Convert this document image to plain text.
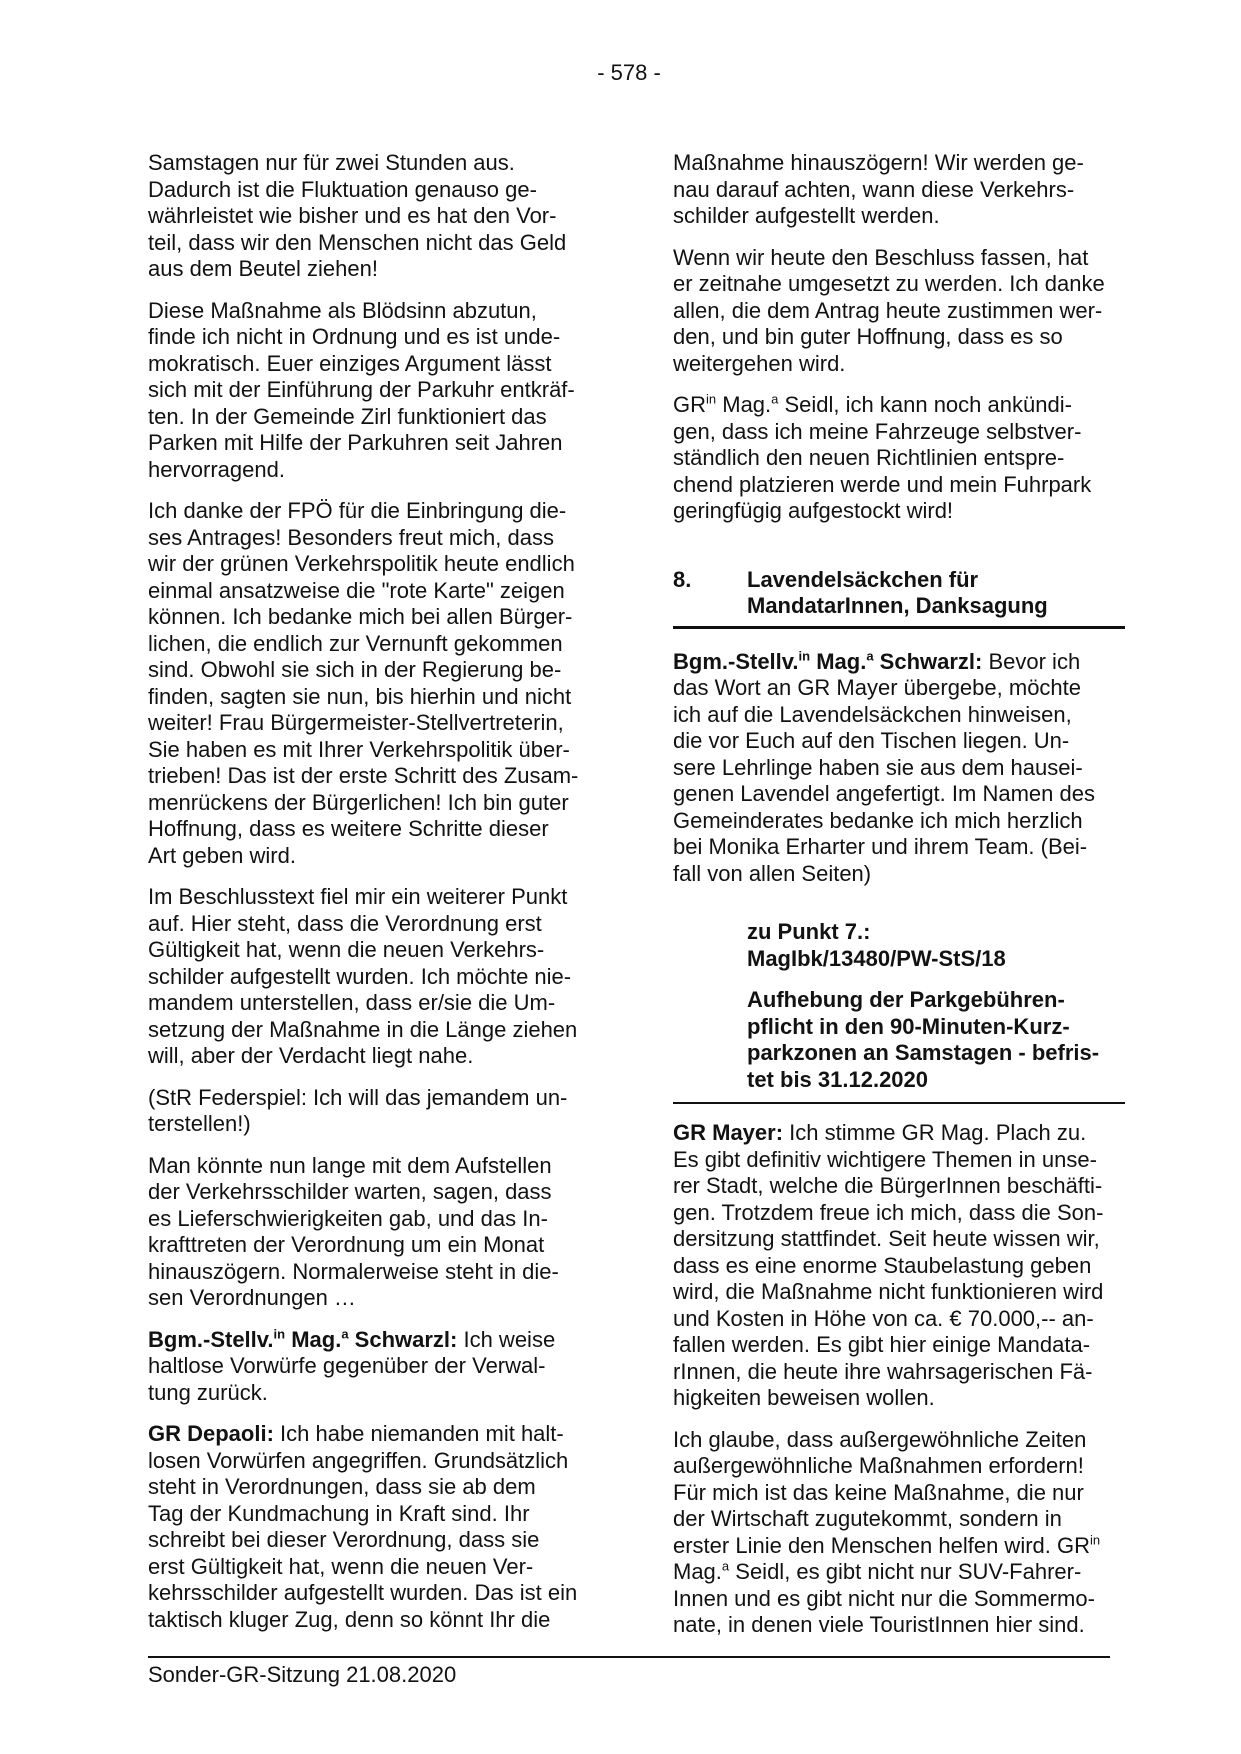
- 578 -
Samstagen nur für zwei Stunden aus.
Dadurch ist die Fluktuation genauso ge-
währleistet wie bisher und es hat den Vor-
teil, dass wir den Menschen nicht das Geld
aus dem Beutel ziehen!
Diese Maßnahme als Blödsinn abzutun,
finde ich nicht in Ordnung und es ist unde-
mokratisch. Euer einziges Argument lässt
sich mit der Einführung der Parkuhr entkräf-
ten. In der Gemeinde Zirl funktioniert das
Parken mit Hilfe der Parkuhren seit Jahren
hervorragend.
Ich danke der FPÖ für die Einbringung die-
ses Antrages! Besonders freut mich, dass
wir der grünen Verkehrspolitik heute endlich
einmal ansatzweise die "rote Karte" zeigen
können. Ich bedanke mich bei allen Bürger-
lichen, die endlich zur Vernunft gekommen
sind. Obwohl sie sich in der Regierung be-
finden, sagten sie nun, bis hierhin und nicht
weiter! Frau Bürgermeister-Stellvertreterin,
Sie haben es mit Ihrer Verkehrspolitik über-
trieben! Das ist der erste Schritt des Zusam-
menrückens der Bürgerlichen! Ich bin guter
Hoffnung, dass es weitere Schritte dieser
Art geben wird.
Im Beschlusstext fiel mir ein weiterer Punkt
auf. Hier steht, dass die Verordnung erst
Gültigkeit hat, wenn die neuen Verkehrs-
schilder aufgestellt wurden. Ich möchte nie-
mandem unterstellen, dass er/sie die Um-
setzung der Maßnahme in die Länge ziehen
will, aber der Verdacht liegt nahe.
(StR Federspiel: Ich will das jemandem un-
terstellen!)
Man könnte nun lange mit dem Aufstellen
der Verkehrsschilder warten, sagen, dass
es Lieferschwierigkeiten gab, und das In-
krafttreten der Verordnung um ein Monat
hinauszögern. Normalerweise steht in die-
sen Verordnungen …
Bgm.-Stellv.$^{in}$ Mag.$^a$ Schwarzl: Ich weise
haltlose Vorwürfe gegenüber der Verwal-
tung zurück.
GR Depaoli: Ich habe niemanden mit halt-
losen Vorwürfen angegriffen. Grundsätzlich
steht in Verordnungen, dass sie ab dem
Tag der Kundmachung in Kraft sind. Ihr
schreibt bei dieser Verordnung, dass sie
erst Gültigkeit hat, wenn die neuen Ver-
kehrsschilder aufgestellt wurden. Das ist ein
taktisch kluger Zug, denn so könnt Ihr die
Maßnahme hinauszögern! Wir werden ge-
nau darauf achten, wann diese Verkehrs-
schilder aufgestellt werden.
Wenn wir heute den Beschluss fassen, hat
er zeitnahe umgesetzt zu werden. Ich danke
allen, die dem Antrag heute zustimmen wer-
den, und bin guter Hoffnung, dass es so
weitergehen wird.
$GR^{in}$ Mag.$^a$ Seidl, ich kann noch ankündi-
gen, dass ich meine Fahrzeuge selbstver-
ständlich den neuen Richtlinien entspre-
chend platzieren werde und mein Fuhrpark
geringfügig aufgestockt wird!
8.	Lavendelsäckchen für
MandatarInnen, Danksagung
Bgm.-Stellv.$^{in}$ Mag.$^a$ Schwarzl: Bevor ich
das Wort an GR Mayer übergebe, möchte
ich auf die Lavendelsäckchen hinweisen,
die vor Euch auf den Tischen liegen. Un-
sere Lehrlinge haben sie aus dem hausei-
genen Lavendel angefertigt. Im Namen des
Gemeinderates bedanke ich mich herzlich
bei Monika Erharter und ihrem Team. (Bei-
fall von allen Seiten)
zu Punkt 7.:
MagIbk/13480/PW-StS/18
Aufhebung der Parkgebühren-
pflicht in den 90-Minuten-Kurz-
parkzonen an Samstagen - befris-
tet bis 31.12.2020
GR Mayer: Ich stimme GR Mag. Plach zu.
Es gibt definitiv wichtigere Themen in unse-
rer Stadt, welche die BürgerInnen beschäfti-
gen. Trotzdem freue ich mich, dass die Son-
dersitzung stattfindet. Seit heute wissen wir,
dass es eine enorme Staubelastung geben
wird, die Maßnahme nicht funktionieren wird
und Kosten in Höhe von ca. € 70.000,-- an-
fallen werden. Es gibt hier einige Mandata-
rInnen, die heute ihre wahrsagerischen Fä-
higkeiten beweisen wollen.
Ich glaube, dass außergewöhnliche Zeiten
außergewöhnliche Maßnahmen erfordern!
Für mich ist das keine Maßnahme, die nur
der Wirtschaft zugutekommt, sondern in
erster Linie den Menschen helfen wird. $GR^{in}$
Mag.$^a$ Seidl, es gibt nicht nur SUV-Fahrer-
Innen und es gibt nicht nur die Sommermo-
nate, in denen viele TouristInnen hier sind.
Sonder-GR-Sitzung 21.08.2020
